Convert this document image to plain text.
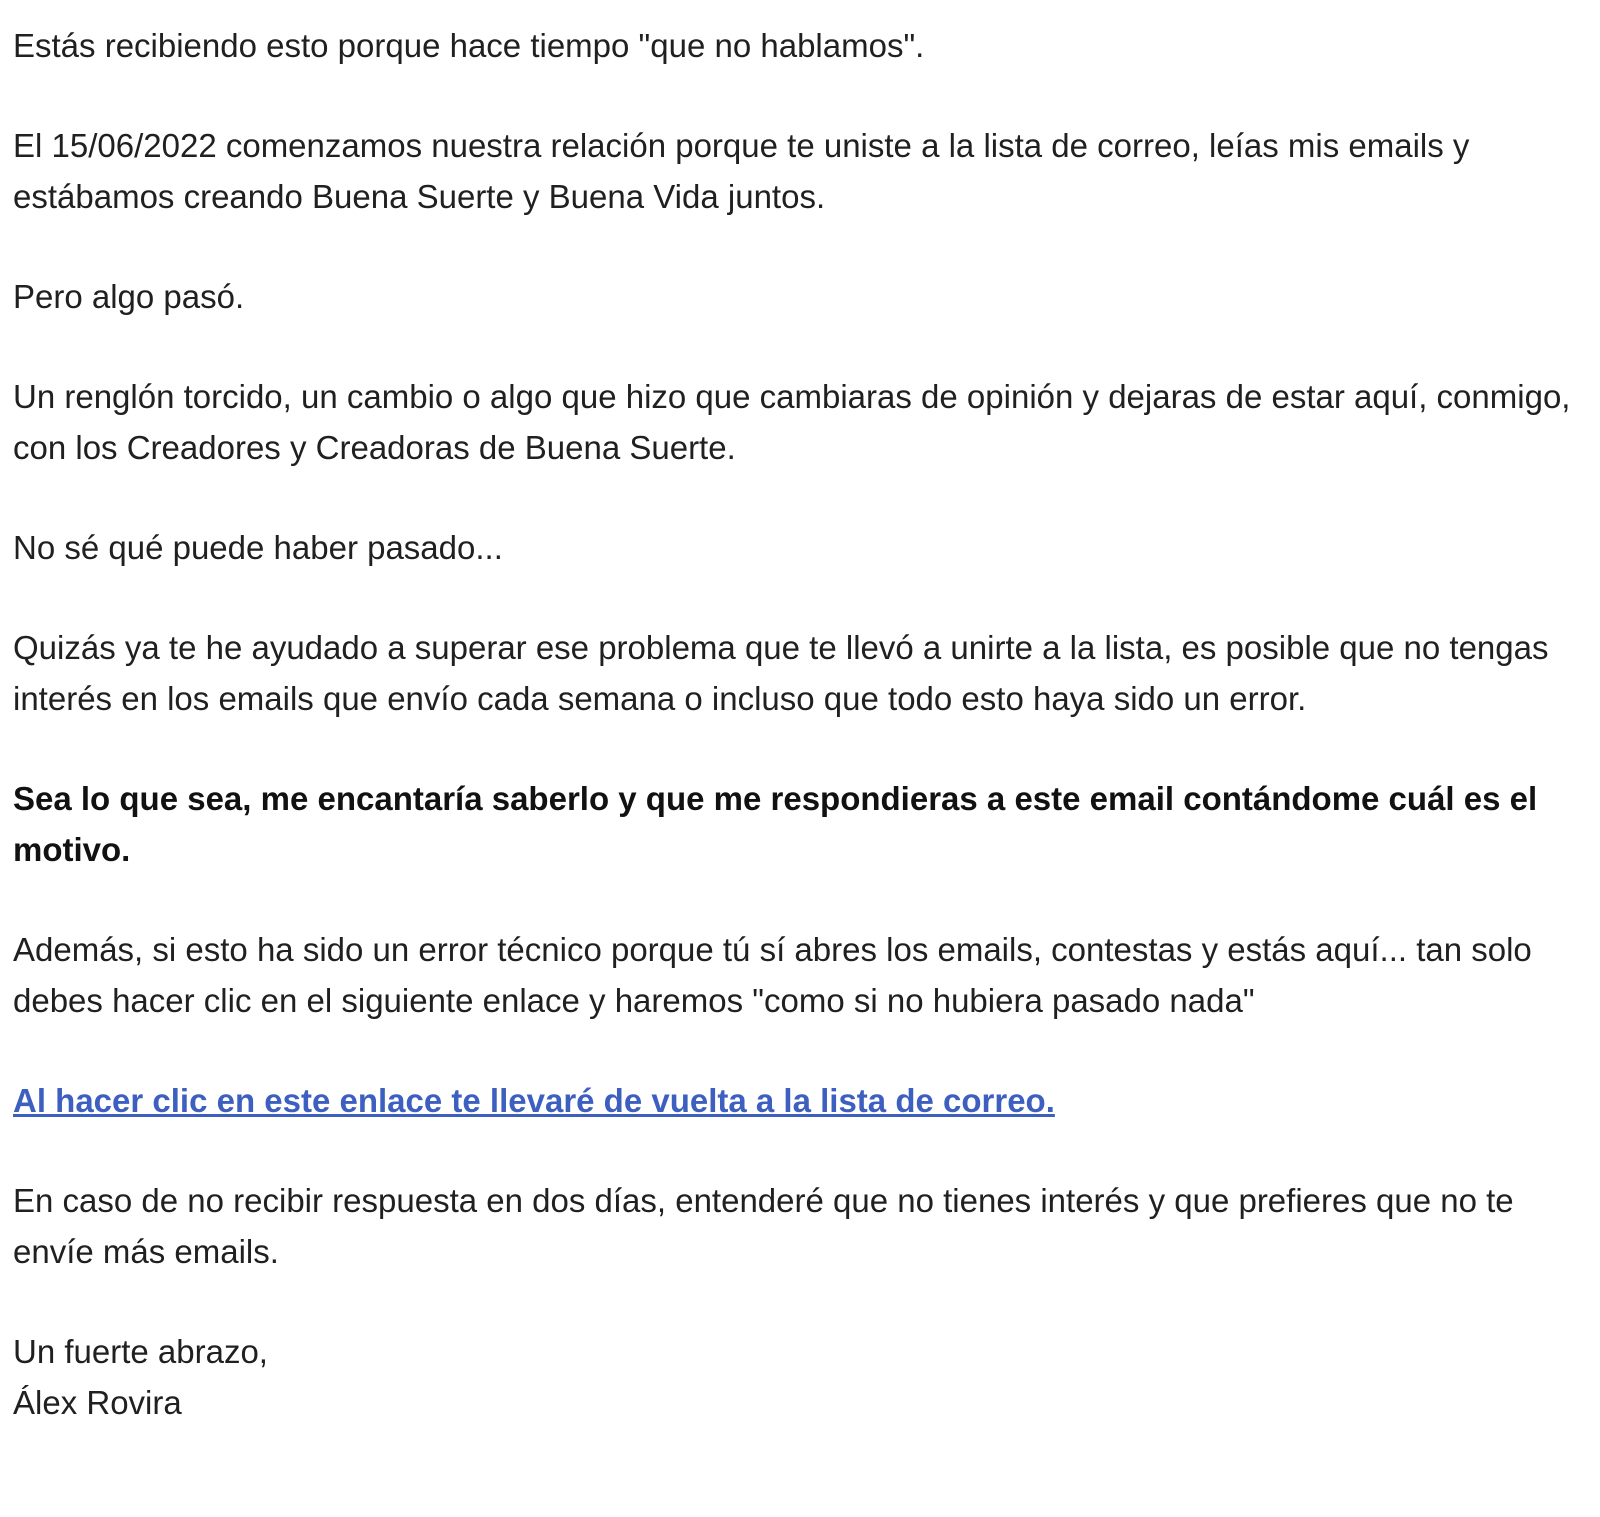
Estás recibiendo esto porque hace tiempo "que no hablamos".

El 15/06/2022 comenzamos nuestra relación porque te uniste a la lista de correo, leías mis emails y estábamos creando Buena Suerte y Buena Vida juntos.

Pero algo pasó.

Un renglón torcido, un cambio o algo que hizo que cambiaras de opinión y dejaras de estar aquí, conmigo, con los Creadores y Creadoras de Buena Suerte.

No sé qué puede haber pasado...

Quizás ya te he ayudado a superar ese problema que te llevó a unirte a la lista, es posible que no tengas interés en los emails que envío cada semana o incluso que todo esto haya sido un error.

Sea lo que sea, me encantaría saberlo y que me respondieras a este email contándome cuál es el motivo.

Además, si esto ha sido un error técnico porque tú sí abres los emails, contestas y estás aquí... tan solo debes hacer clic en el siguiente enlace y haremos "como si no hubiera pasado nada"

Al hacer clic en este enlace te llevaré de vuelta a la lista de correo.

En caso de no recibir respuesta en dos días, entenderé que no tienes interés y que prefieres que no te envíe más emails.

Un fuerte abrazo,
Álex Rovira
